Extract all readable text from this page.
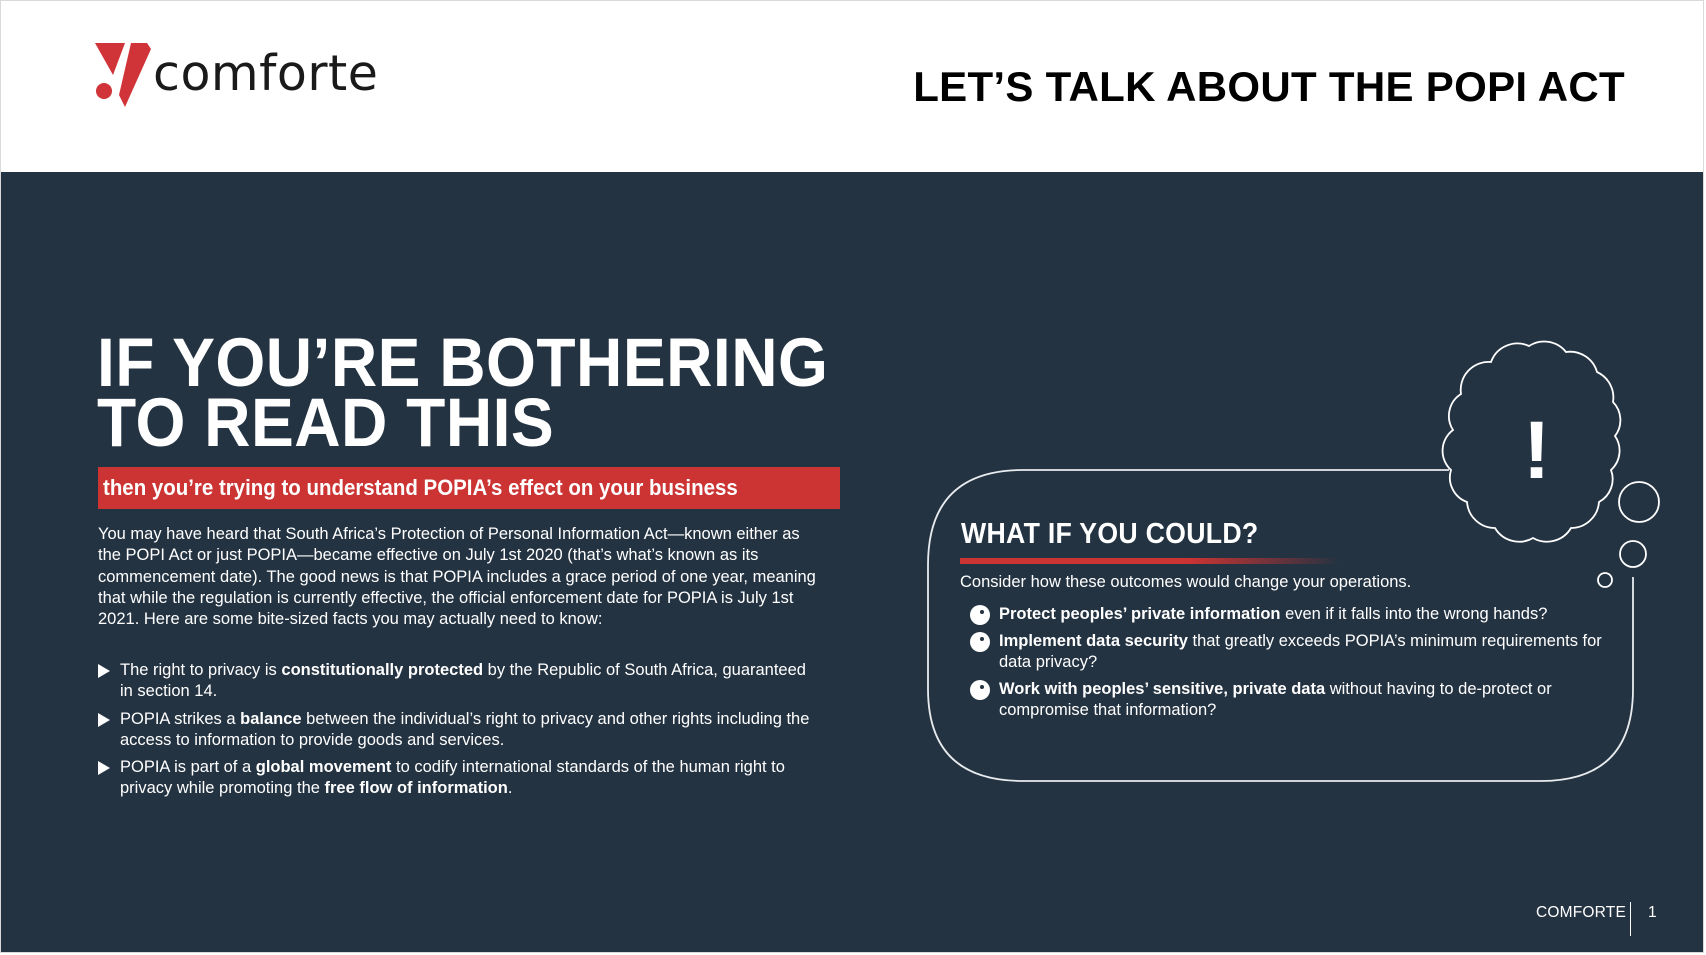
comforte	LET’S TALK ABOUT THE POPI ACT
IF YOU’RE BOTHERING
TO READ THIS
then you’re trying to understand POPIA’s effect on your business
You may have heard that South Africa’s Protection of Personal Information Act—known either as the POPI Act or just POPIA—became effective on July 1st 2020 (that’s what’s known as its commencement date). The good news is that POPIA includes a grace period of one year, meaning that while the regulation is currently effective, the official enforcement date for POPIA is July 1st 2021. Here are some bite-sized facts you may actually need to know:
The right to privacy is constitutionally protected by the Republic of South Africa, guaranteed in section 14.
POPIA strikes a balance between the individual’s right to privacy and other rights including the access to information to provide goods and services.
POPIA is part of a global movement to codify international standards of the human right to privacy while promoting the free flow of information.
!
WHAT IF YOU COULD?
Consider how these outcomes would change your operations.
Protect peoples’ private information even if it falls into the wrong hands?
Implement data security that greatly exceeds POPIA’s minimum requirements for data privacy?
Work with peoples’ sensitive, private data without having to de-protect or compromise that information?
COMFORTE 1
